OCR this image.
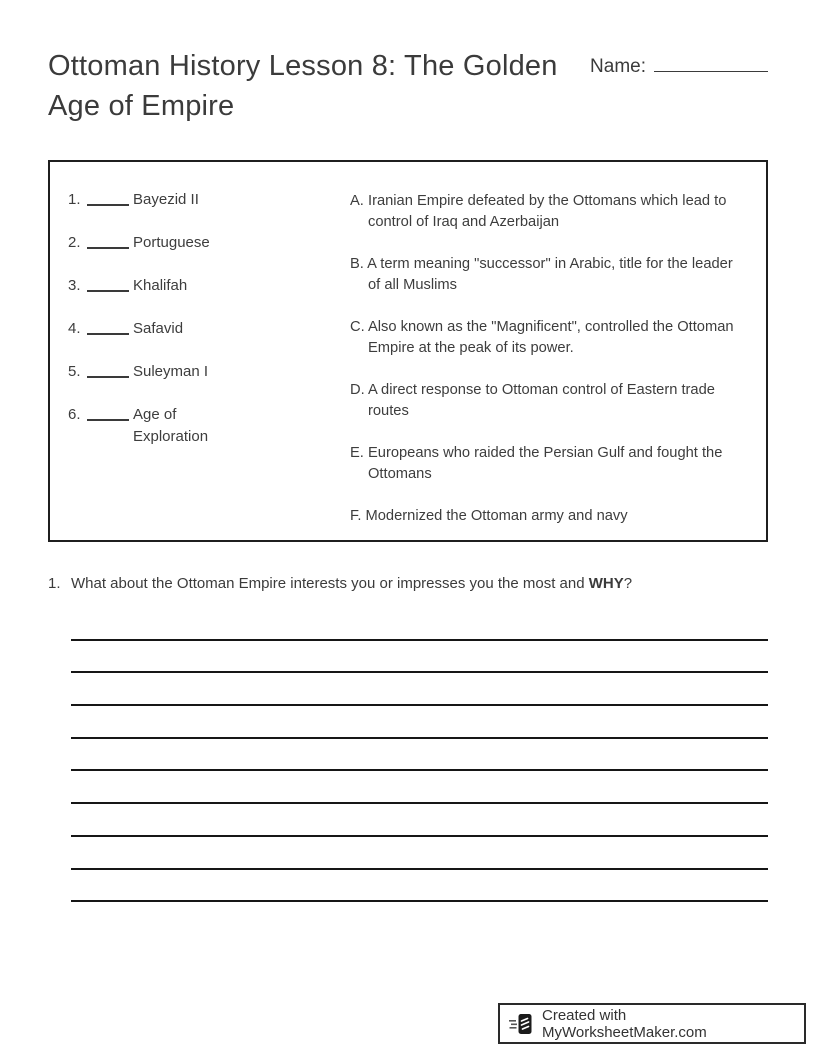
Ottoman History Lesson 8: The Golden Age of Empire
Name:
1.	Bayezid II
2.	Portuguese
3.	Khalifah
4.	Safavid
5.	Suleyman I
6.	Age of Exploration

A. Iranian Empire defeated by the Ottomans which lead to control of Iraq and Azerbaijan

B. A term meaning "successor" in Arabic, title for the leader of all Muslims

C. Also known as the "Magnificent", controlled the Ottoman Empire at the peak of its power.

D. A direct response to Ottoman control of Eastern trade routes

E. Europeans who raided the Persian Gulf and fought the Ottomans

F. Modernized the Ottoman army and navy

1. What about the Ottoman Empire interests you or impresses you the most and WHY?
Created with MyWorksheetMaker.com
